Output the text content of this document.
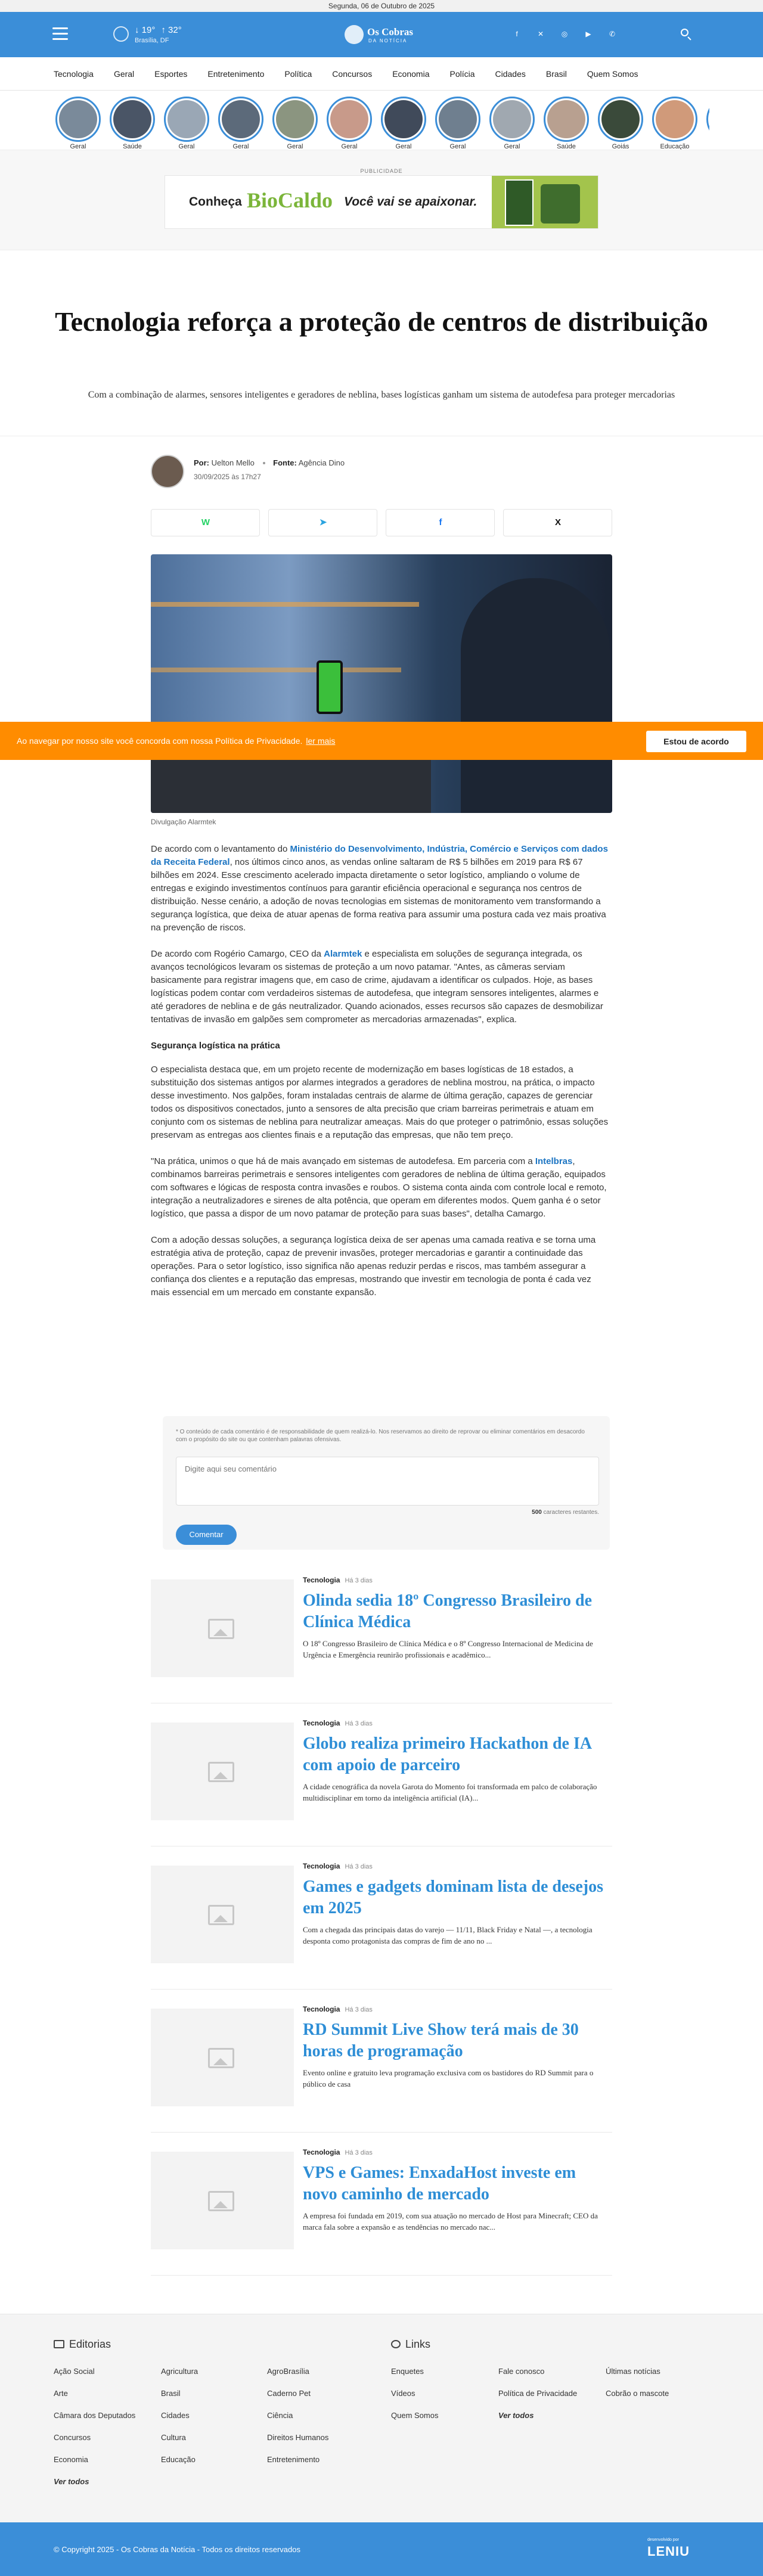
Segunda, 06 de Outubro de 2025
↓ 19° ↑ 32°
Brasília, DF
Os Cobras
DA NOTÍCIA
f	✕	◎	▶	✆
Tecnologia Geral Esportes Entretenimento Política Concursos Economia Polícia Cidades Brasil Quem Somos
Geral	Saúde	Geral	Geral	Geral	Geral	Geral	Geral	Geral	Saúde	Goiás	Educação
PUBLICIDADE
Conheça BioCaldo Você vai se apaixonar.
Tecnologia reforça a proteção de centros de distribuição
Com a combinação de alarmes, sensores inteligentes e geradores de neblina, bases logísticas ganham um sistema de autodefesa para proteger mercadorias
Por: Uelton Mello Fonte: Agência Dino
30/09/2025 às 17h27
W	➤	f	X
Divulgação Alarmtek
Ao navegar por nosso site você concorda com nossa Política de Privacidade. ler mais	Estou de acordo

De acordo com o levantamento do Ministério do Desenvolvimento, Indústria, Comércio e Serviços com dados da Receita Federal, nos últimos cinco anos, as vendas online saltaram de R$ 5 bilhões em 2019 para R$ 67 bilhões em 2024. Esse crescimento acelerado impacta diretamente o setor logístico, ampliando o volume de entregas e exigindo investimentos contínuos para garantir eficiência operacional e segurança nos centros de distribuição. Nesse cenário, a adoção de novas tecnologias em sistemas de monitoramento vem transformando a segurança logística, que deixa de atuar apenas de forma reativa para assumir uma postura cada vez mais proativa na prevenção de riscos.

De acordo com Rogério Camargo, CEO da Alarmtek e especialista em soluções de segurança integrada, os avanços tecnológicos levaram os sistemas de proteção a um novo patamar. "Antes, as câmeras serviam basicamente para registrar imagens que, em caso de crime, ajudavam a identificar os culpados. Hoje, as bases logísticas podem contar com verdadeiros sistemas de autodefesa, que integram sensores inteligentes, alarmes e até geradores de neblina e de gás neutralizador. Quando acionados, esses recursos são capazes de desmobilizar tentativas de invasão em galpões sem comprometer as mercadorias armazenadas", explica.

Segurança logística na prática

O especialista destaca que, em um projeto recente de modernização em bases logísticas de 18 estados, a substituição dos sistemas antigos por alarmes integrados a geradores de neblina mostrou, na prática, o impacto desse investimento. Nos galpões, foram instaladas centrais de alarme de última geração, capazes de gerenciar todos os dispositivos conectados, junto a sensores de alta precisão que criam barreiras perimetrais e atuam em conjunto com os sistemas de neblina para neutralizar ameaças. Mais do que proteger o patrimônio, essas soluções preservam as entregas aos clientes finais e a reputação das empresas, que não tem preço.

"Na prática, unimos o que há de mais avançado em sistemas de autodefesa. Em parceria com a Intelbras, combinamos barreiras perimetrais e sensores inteligentes com geradores de neblina de última geração, equipados com softwares e lógicas de resposta contra invasões e roubos. O sistema conta ainda com controle local e remoto, integração a neutralizadores e sirenes de alta potência, que operam em diferentes modos. Quem ganha é o setor logístico, que passa a dispor de um novo patamar de proteção para suas bases", detalha Camargo.

Com a adoção dessas soluções, a segurança logística deixa de ser apenas uma camada reativa e se torna uma estratégia ativa de proteção, capaz de prevenir invasões, proteger mercadorias e garantir a continuidade das operações. Para o setor logístico, isso significa não apenas reduzir perdas e riscos, mas também assegurar a confiança dos clientes e a reputação das empresas, mostrando que investir em tecnologia de ponta é cada vez mais essencial em um mercado em constante expansão.

* O conteúdo de cada comentário é de responsabilidade de quem realizá-lo. Nos reservamos ao direito de reprovar ou eliminar comentários em desacordo com o propósito do site ou que contenham palavras ofensivas.
Digite aqui seu comentário
500 caracteres restantes.
Comentar
Tecnologia Há 3 dias
Olinda sedia 18º Congresso Brasileiro de Clínica Médica
O 18º Congresso Brasileiro de Clínica Médica e o 8º Congresso Internacional de Medicina de Urgência e Emergência reunirão profissionais e acadêmico...
Tecnologia Há 3 dias
Globo realiza primeiro Hackathon de IA com apoio de parceiro
A cidade cenográfica da novela Garota do Momento foi transformada em palco de colaboração multidisciplinar em torno da inteligência artificial (IA)...
Tecnologia Há 3 dias
Games e gadgets dominam lista de desejos em 2025
Com a chegada das principais datas do varejo — 11/11, Black Friday e Natal —, a tecnologia desponta como protagonista das compras de fim de ano no ...
Tecnologia Há 3 dias
RD Summit Live Show terá mais de 30 horas de programação
Evento online e gratuito leva programação exclusiva com os bastidores do RD Summit para o público de casa
Tecnologia Há 3 dias
VPS e Games: EnxadaHost investe em novo caminho de mercado
A empresa foi fundada em 2019, com sua atuação no mercado de Host para Minecraft; CEO da marca fala sobre a expansão e as tendências no mercado nac...
Editorias	Links
Ação Social
Arte
Câmara dos Deputados
Concursos
Economia
Ver todos
Agricultura
Brasil
Cidades
Cultura
Educação
AgroBrasília
Caderno Pet
Ciência
Direitos Humanos
Entretenimento
Enquetes
Vídeos
Quem Somos
Fale conosco
Política de Privacidade
Ver todos
Últimas notícias
Cobrão o mascote
© Copyright 2025 - Os Cobras da Notícia - Todos os direitos reservados
desenvolvido por
LENIU
